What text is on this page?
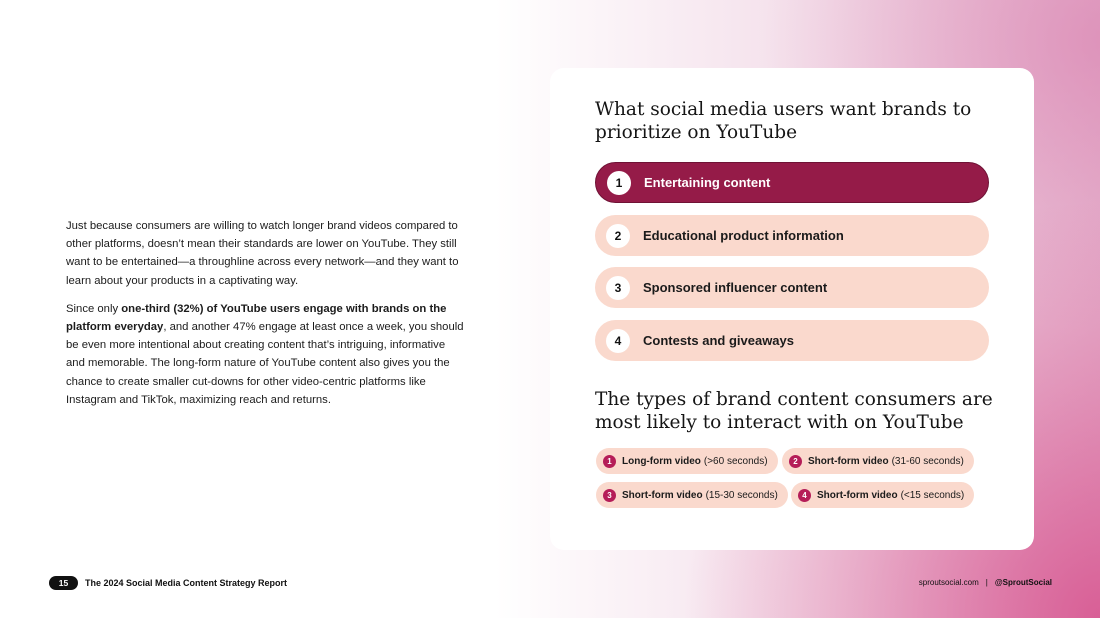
Just because consumers are willing to watch longer brand videos compared to other platforms, doesn’t mean their standards are lower on YouTube. They still want to be entertained—a throughline across every network—and they want to learn about your products in a captivating way.

Since only one-third (32%) of YouTube users engage with brands on the platform everyday, and another 47% engage at least once a week, you should be even more intentional about creating content that’s intriguing, informative and memorable. The long-form nature of YouTube content also gives you the chance to create smaller cut-downs for other video-centric platforms like Instagram and TikTok, maximizing reach and returns.

What social media users want brands to prioritize on YouTube
1	Entertaining content
2	Educational product information
3	Sponsored influencer content
4	Contests and giveaways
The types of brand content consumers are most likely to interact with on YouTube
1	Long-form video (>60 seconds)	2	Short-form video (31-60 seconds)
3	Short-form video (15-30 seconds)	4	Short-form video (<15 seconds)
15	The 2024 Social Media Content Strategy Report	sproutsocial.com | @SproutSocial
